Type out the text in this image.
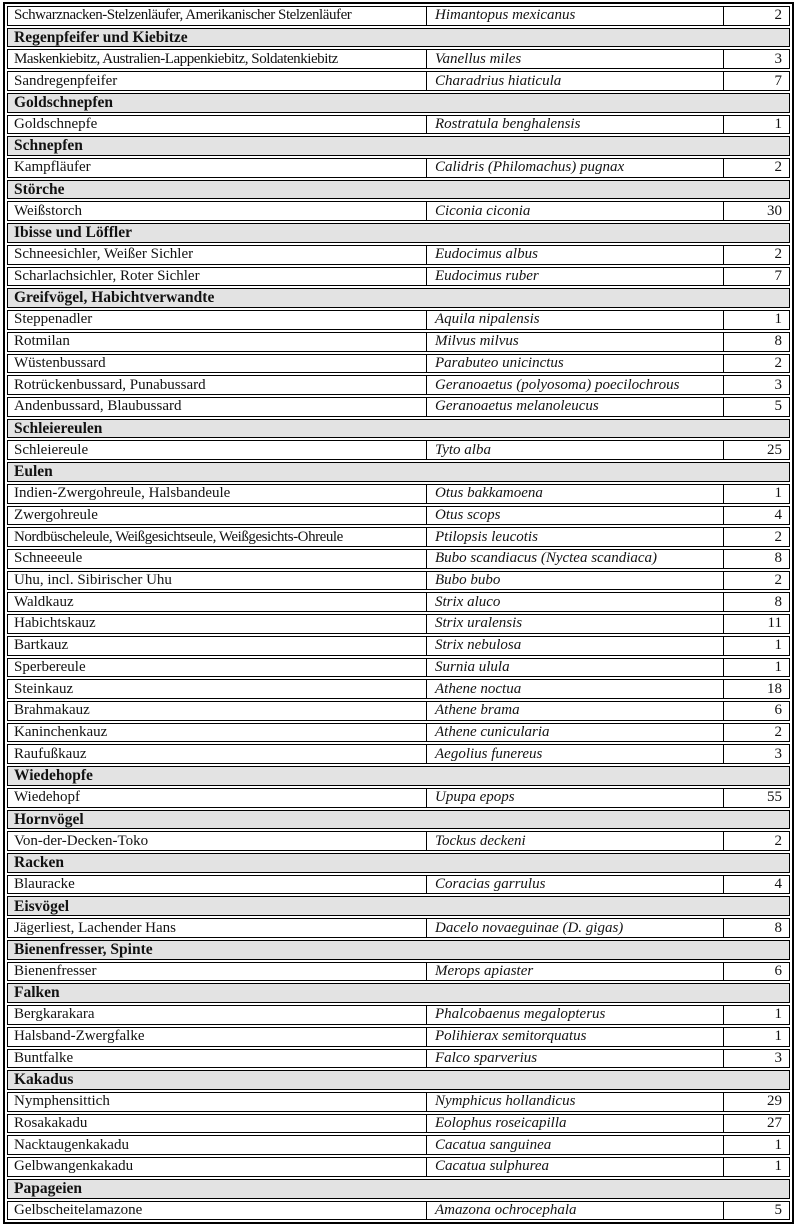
Schwarznacken-Stelzenläufer, Amerikanischer Stelzenläufer	Himantopus mexicanus	2
Regenpfeifer und Kiebitze
Maskenkiebitz, Australien-Lappenkiebitz, Soldatenkiebitz	Vanellus miles	3
Sandregenpfeifer	Charadrius hiaticula	7
Goldschnepfen
Goldschnepfe	Rostratula benghalensis	1
Schnepfen
Kampfläufer	Calidris (Philomachus) pugnax	2
Störche
Weißstorch	Ciconia ciconia	30
Ibisse und Löffler
Schneesichler, Weißer Sichler	Eudocimus albus	2
Scharlachsichler, Roter Sichler	Eudocimus ruber	7
Greifvögel, Habichtverwandte
Steppenadler	Aquila nipalensis	1
Rotmilan	Milvus milvus	8
Wüstenbussard	Parabuteo unicinctus	2
Rotrückenbussard, Punabussard	Geranoaetus (polyosoma) poecilochrous	3
Andenbussard, Blaubussard	Geranoaetus melanoleucus	5
Schleiereulen
Schleiereule	Tyto alba	25
Eulen
Indien-Zwergohreule, Halsbandeule	Otus bakkamoena	1
Zwergohreule	Otus scops	4
Nordbüscheleule, Weißgesichtseule, Weißgesichts-Ohreule	Ptilopsis leucotis	2
Schneeeule	Bubo scandiacus (Nyctea scandiaca)	8
Uhu, incl. Sibirischer Uhu	Bubo bubo	2
Waldkauz	Strix aluco	8
Habichtskauz	Strix uralensis	11
Bartkauz	Strix nebulosa	1
Sperbereule	Surnia ulula	1
Steinkauz	Athene noctua	18
Brahmakauz	Athene brama	6
Kaninchenkauz	Athene cunicularia	2
Raufußkauz	Aegolius funereus	3
Wiedehopfe
Wiedehopf	Upupa epops	55
Hornvögel
Von-der-Decken-Toko	Tockus deckeni	2
Racken
Blauracke	Coracias garrulus	4
Eisvögel
Jägerliest, Lachender Hans	Dacelo novaeguinae (D. gigas)	8
Bienenfresser, Spinte
Bienenfresser	Merops apiaster	6
Falken
Bergkarakara	Phalcobaenus megalopterus	1
Halsband-Zwergfalke	Polihierax semitorquatus	1
Buntfalke	Falco sparverius	3
Kakadus
Nymphensittich	Nymphicus hollandicus	29
Rosakakadu	Eolophus roseicapilla	27
Nacktaugenkakadu	Cacatua sanguinea	1
Gelbwangenkakadu	Cacatua sulphurea	1
Papageien
Gelbscheitelamazone	Amazona ochrocephala	5
